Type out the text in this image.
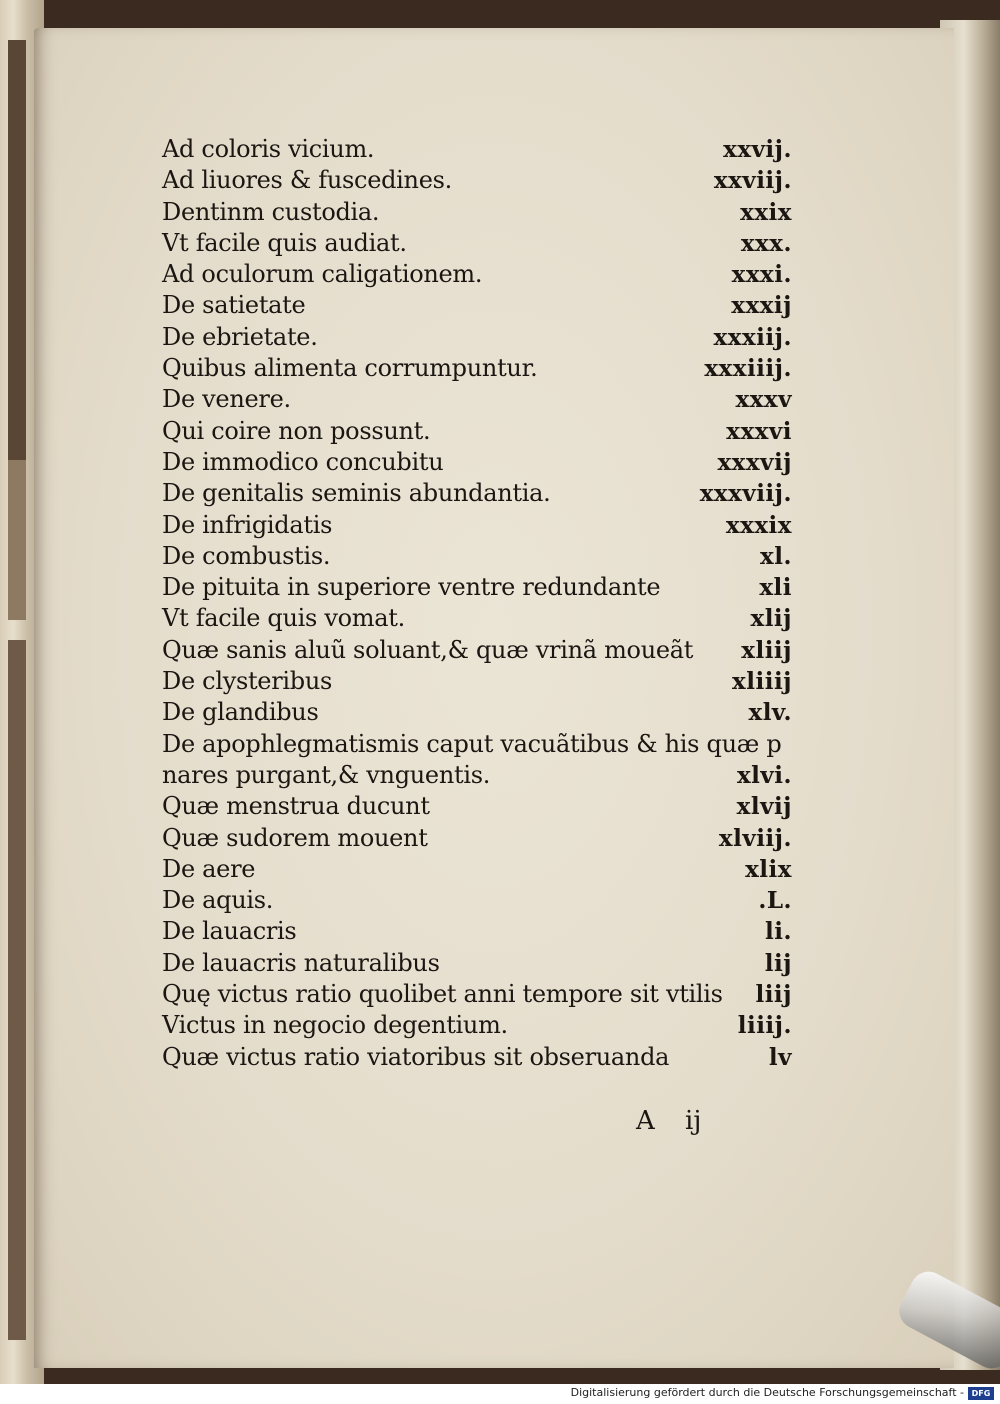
Ad coloris vicium.	xxvij.
Ad liuores & fuscedines.	xxviij.
Dentinm custodia.	xxix
Vt facile quis audiat.	xxx.
Ad oculorum caligationem.	xxxi.
De satietate	xxxij
De ebrietate.	xxxiij.
Quibus alimenta corrumpuntur.	xxxiiij.
De venere.	xxxv
Qui coire non possunt.	xxxvi
De immodico concubitu	xxxvij
De genitalis seminis abundantia.	xxxviij.
De infrigidatis	xxxix
De combustis.	xl.
De pituita in superiore ventre redundante	xli
Vt facile quis vomat.	xlij
Quæ sanis aluũ soluant,& quæ vrinã moueãt xliij
De clysteribus	xliiij
De glandibus	xlv.
De apophlegmatismis caput vacuãtibus & his quæ p
nares purgant,& vnguentis.	xlvi.
Quæ menstrua ducunt	xlvij
Quæ sudorem mouent	xlviij.
De aere	xlix
De aquis.	.L.
De lauacris	li.
De lauacris naturalibus	lij
Quę victus ratio quolibet anni tempore sit vtilis liij
Victus in negocio degentium.	liiij.
Quæ victus ratio viatoribus sit obseruanda	lv
A ij
Digitalisierung gefördert durch die Deutsche Forschungsgemeinschaft - DFG
